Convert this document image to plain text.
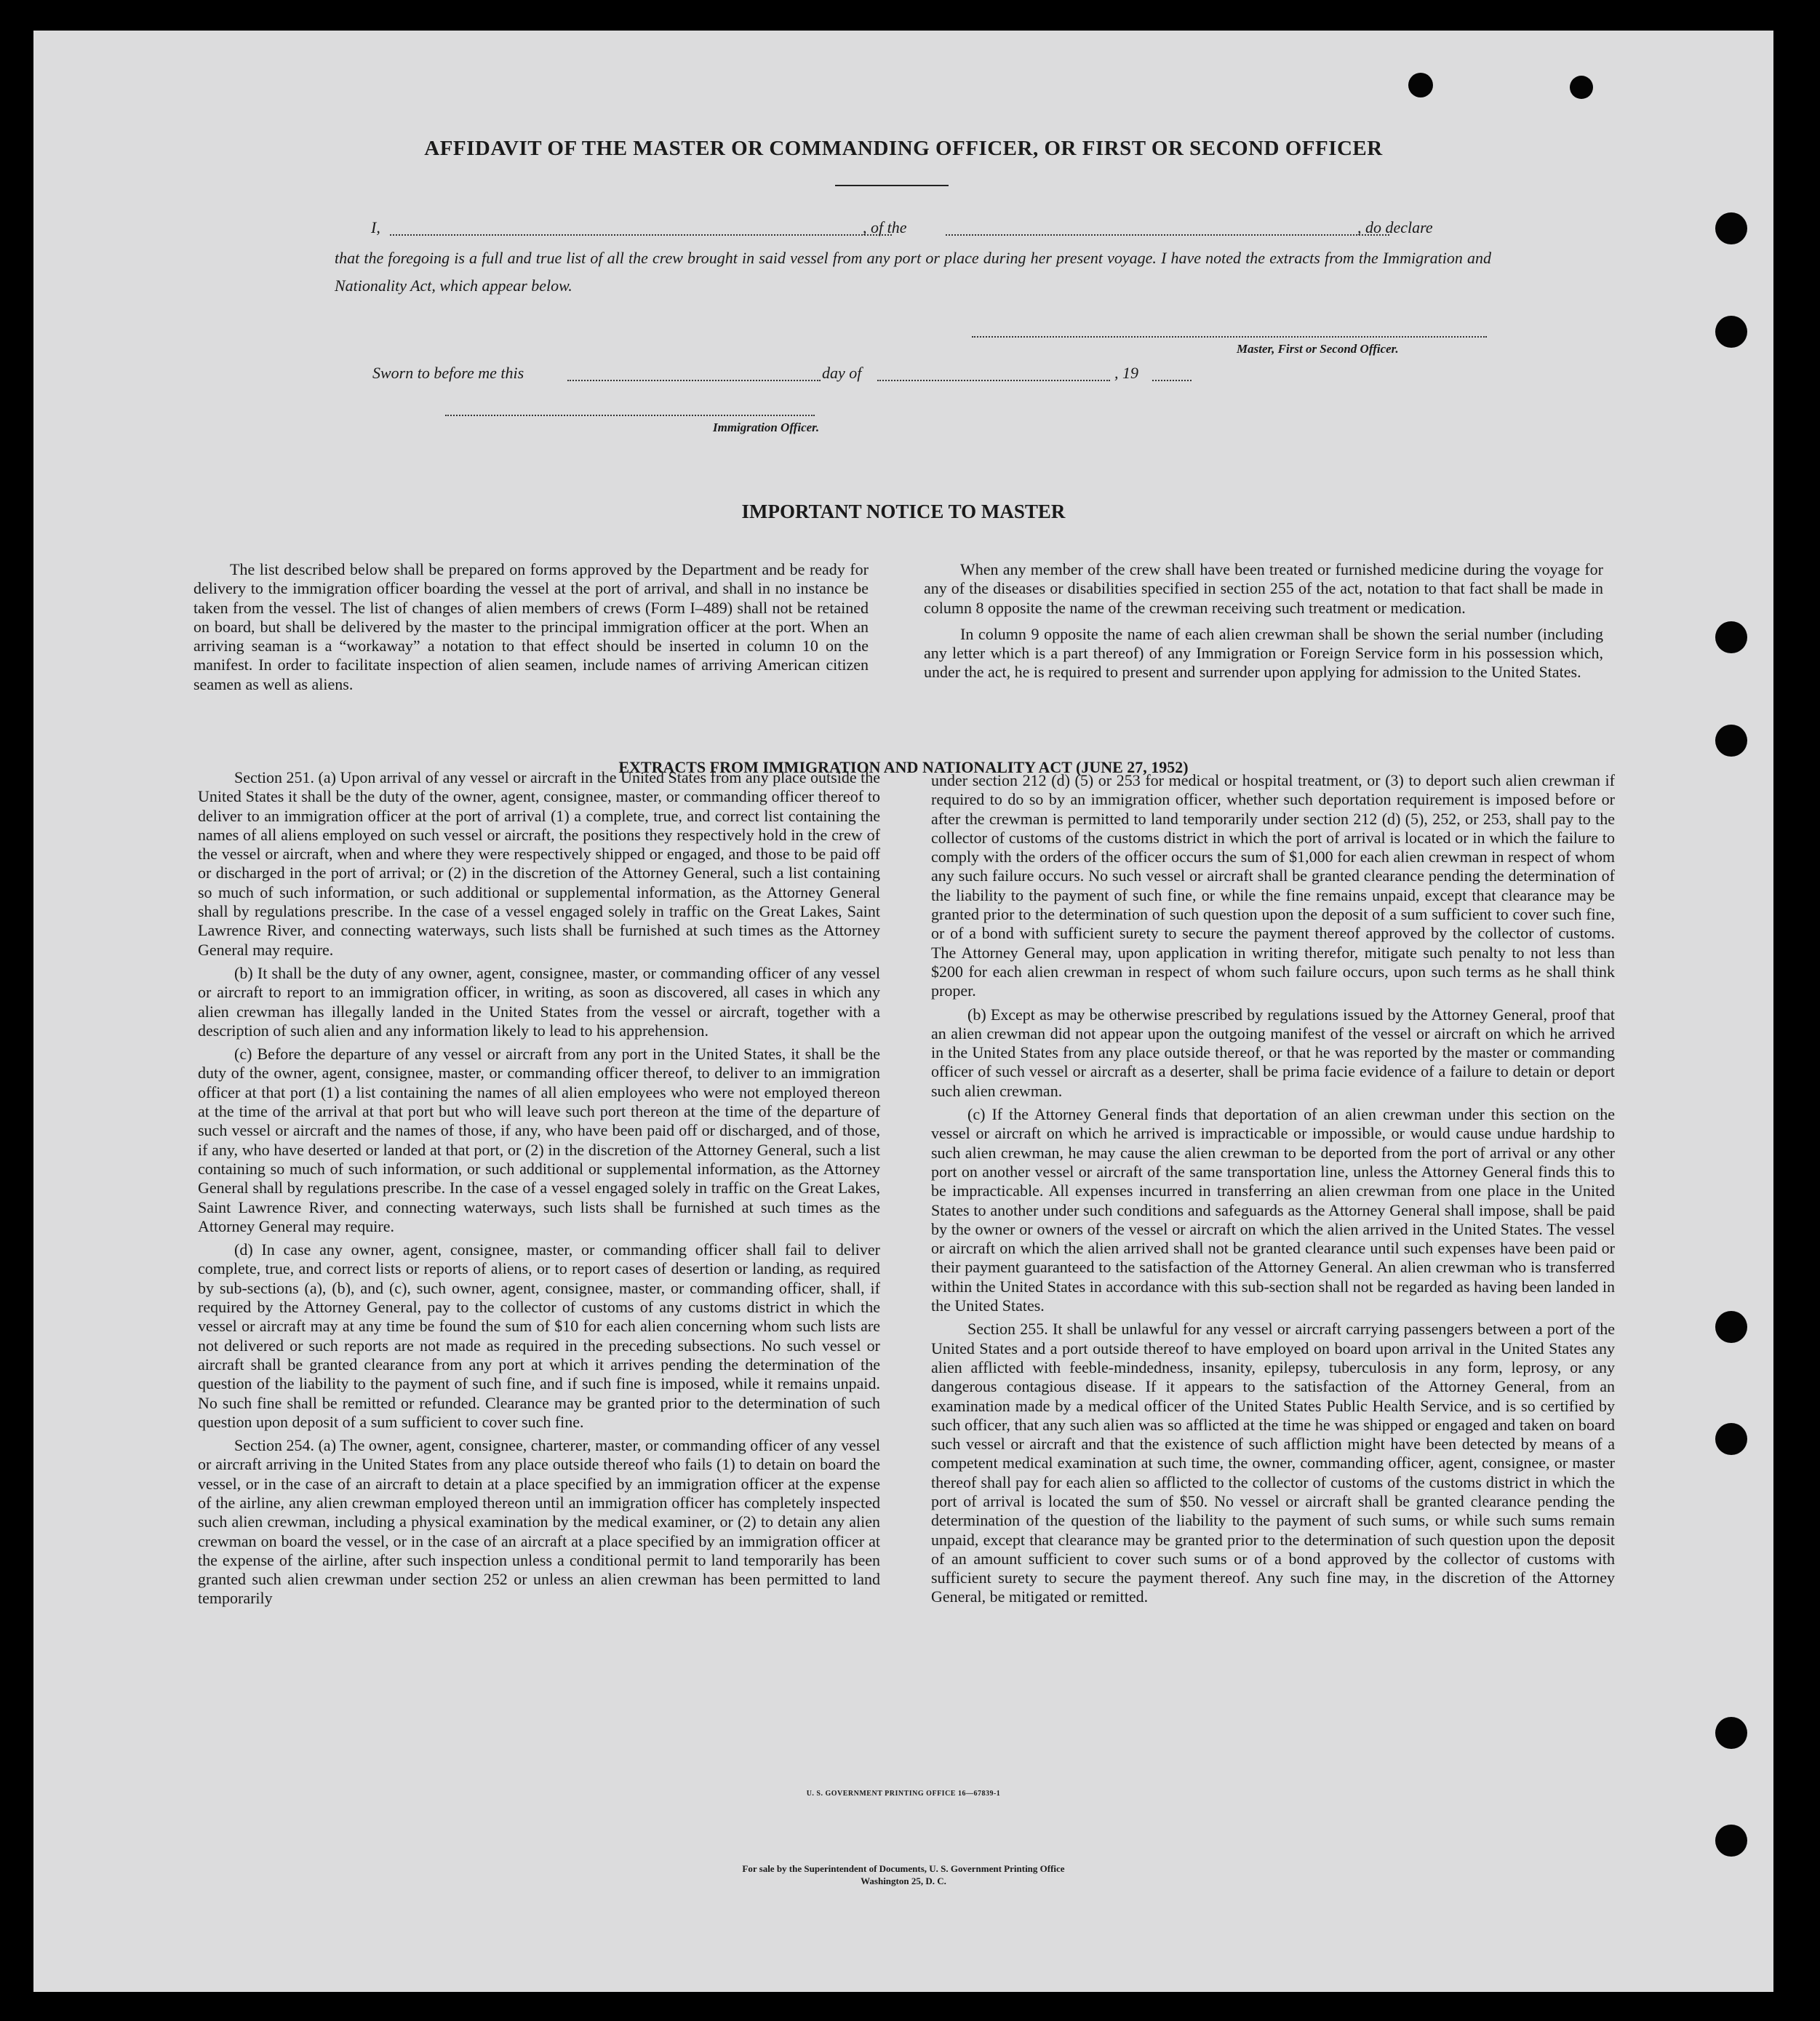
AFFIDAVIT OF THE MASTER OR COMMANDING OFFICER, OR FIRST OR SECOND OFFICER
I,	, of the	, do declare
that the foregoing is a full and true list of all the crew brought in said vessel from any port or place during her present voyage. I have noted the extracts from the Immigration and Nationality Act, which appear below.
Master, First or Second Officer.
Sworn to before me this	day of	, 19
Immigration Officer.
IMPORTANT NOTICE TO MASTER

The list described below shall be prepared on forms approved by the Department and be ready for delivery to the immigration officer boarding the vessel at the port of arrival, and shall in no instance be taken from the vessel. The list of changes of alien members of crews (Form I–489) shall not be retained on board, but shall be delivered by the master to the principal immigration officer at the port. When an arriving seaman is a “workaway” a notation to that effect should be inserted in column 10 on the manifest. In order to facilitate inspection of alien seamen, include names of arriving American citizen seamen as well as aliens.

When any member of the crew shall have been treated or furnished medicine during the voyage for any of the diseases or disabilities specified in section 255 of the act, notation to that fact shall be made in column 8 opposite the name of the crewman receiving such treatment or medication.

In column 9 opposite the name of each alien crewman shall be shown the serial number (including any letter which is a part thereof) of any Immigration or Foreign Service form in his possession which, under the act, he is required to present and surrender upon applying for admission to the United States.

EXTRACTS FROM IMMIGRATION AND NATIONALITY ACT (JUNE 27, 1952)

Section 251. (a) Upon arrival of any vessel or aircraft in the United States from any place outside the United States it shall be the duty of the owner, agent, consignee, master, or commanding officer thereof to deliver to an immigration officer at the port of arrival (1) a complete, true, and correct list containing the names of all aliens employed on such vessel or aircraft, the positions they respectively hold in the crew of the vessel or aircraft, when and where they were respectively shipped or engaged, and those to be paid off or discharged in the port of arrival; or (2) in the discretion of the Attorney General, such a list containing so much of such information, or such additional or supplemental information, as the Attorney General shall by regulations prescribe. In the case of a vessel engaged solely in traffic on the Great Lakes, Saint Lawrence River, and connecting waterways, such lists shall be furnished at such times as the Attorney General may require.

(b) It shall be the duty of any owner, agent, consignee, master, or commanding officer of any vessel or aircraft to report to an immigration officer, in writing, as soon as discovered, all cases in which any alien crewman has illegally landed in the United States from the vessel or aircraft, together with a description of such alien and any information likely to lead to his apprehension.

(c) Before the departure of any vessel or aircraft from any port in the United States, it shall be the duty of the owner, agent, consignee, master, or commanding officer thereof, to deliver to an immigration officer at that port (1) a list containing the names of all alien employees who were not employed thereon at the time of the arrival at that port but who will leave such port thereon at the time of the departure of such vessel or aircraft and the names of those, if any, who have been paid off or discharged, and of those, if any, who have deserted or landed at that port, or (2) in the discretion of the Attorney General, such a list containing so much of such information, or such additional or supplemental information, as the Attorney General shall by regulations prescribe. In the case of a vessel engaged solely in traffic on the Great Lakes, Saint Lawrence River, and connecting waterways, such lists shall be furnished at such times as the Attorney General may require.

(d) In case any owner, agent, consignee, master, or commanding officer shall fail to deliver complete, true, and correct lists or reports of aliens, or to report cases of desertion or landing, as required by sub-sections (a), (b), and (c), such owner, agent, consignee, master, or commanding officer, shall, if required by the Attorney General, pay to the collector of customs of any customs district in which the vessel or aircraft may at any time be found the sum of $10 for each alien concerning whom such lists are not delivered or such reports are not made as required in the preceding subsections. No such vessel or aircraft shall be granted clearance from any port at which it arrives pending the determination of the question of the liability to the payment of such fine, and if such fine is imposed, while it remains unpaid. No such fine shall be remitted or refunded. Clearance may be granted prior to the determination of such question upon deposit of a sum sufficient to cover such fine.

Section 254. (a) The owner, agent, consignee, charterer, master, or commanding officer of any vessel or aircraft arriving in the United States from any place outside thereof who fails (1) to detain on board the vessel, or in the case of an aircraft to detain at a place specified by an immigration officer at the expense of the airline, any alien crewman employed thereon until an immigration officer has completely inspected such alien crewman, including a physical examination by the medical examiner, or (2) to detain any alien crewman on board the vessel, or in the case of an aircraft at a place specified by an immigration officer at the expense of the airline, after such inspection unless a conditional permit to land temporarily has been granted such alien crewman under section 252 or unless an alien crewman has been permitted to land temporarily

under section 212 (d) (5) or 253 for medical or hospital treatment, or (3) to deport such alien crewman if required to do so by an immigration officer, whether such deportation requirement is imposed before or after the crewman is permitted to land temporarily under section 212 (d) (5), 252, or 253, shall pay to the collector of customs of the customs district in which the port of arrival is located or in which the failure to comply with the orders of the officer occurs the sum of $1,000 for each alien crewman in respect of whom any such failure occurs. No such vessel or aircraft shall be granted clearance pending the determination of the liability to the payment of such fine, or while the fine remains unpaid, except that clearance may be granted prior to the determination of such question upon the deposit of a sum sufficient to cover such fine, or of a bond with sufficient surety to secure the payment thereof approved by the collector of customs. The Attorney General may, upon application in writing therefor, mitigate such penalty to not less than $200 for each alien crewman in respect of whom such failure occurs, upon such terms as he shall think proper.

(b) Except as may be otherwise prescribed by regulations issued by the Attorney General, proof that an alien crewman did not appear upon the outgoing manifest of the vessel or aircraft on which he arrived in the United States from any place outside thereof, or that he was reported by the master or commanding officer of such vessel or aircraft as a deserter, shall be prima facie evidence of a failure to detain or deport such alien crewman.

(c) If the Attorney General finds that deportation of an alien crewman under this section on the vessel or aircraft on which he arrived is impracticable or impossible, or would cause undue hardship to such alien crewman, he may cause the alien crewman to be deported from the port of arrival or any other port on another vessel or aircraft of the same transportation line, unless the Attorney General finds this to be impracticable. All expenses incurred in transferring an alien crewman from one place in the United States to another under such conditions and safeguards as the Attorney General shall impose, shall be paid by the owner or owners of the vessel or aircraft on which the alien arrived in the United States. The vessel or aircraft on which the alien arrived shall not be granted clearance until such expenses have been paid or their payment guaranteed to the satisfaction of the Attorney General. An alien crewman who is transferred within the United States in accordance with this sub-section shall not be regarded as having been landed in the United States.

Section 255. It shall be unlawful for any vessel or aircraft carrying passengers between a port of the United States and a port outside thereof to have employed on board upon arrival in the United States any alien afflicted with feeble-mindedness, insanity, epilepsy, tuberculosis in any form, leprosy, or any dangerous contagious disease. If it appears to the satisfaction of the Attorney General, from an examination made by a medical officer of the United States Public Health Service, and is so certified by such officer, that any such alien was so afflicted at the time he was shipped or engaged and taken on board such vessel or aircraft and that the existence of such affliction might have been detected by means of a competent medical examination at such time, the owner, commanding officer, agent, consignee, or master thereof shall pay for each alien so afflicted to the collector of customs of the customs district in which the port of arrival is located the sum of $50. No vessel or aircraft shall be granted clearance pending the determination of the question of the liability to the payment of such sums, or while such sums remain unpaid, except that clearance may be granted prior to the determination of such question upon the deposit of an amount sufficient to cover such sums or of a bond approved by the collector of customs with sufficient surety to secure the payment thereof. Any such fine may, in the discretion of the Attorney General, be mitigated or remitted.

U. S. GOVERNMENT PRINTING OFFICE 16—67839-1
For sale by the Superintendent of Documents, U. S. Government Printing Office
Washington 25, D. C.
